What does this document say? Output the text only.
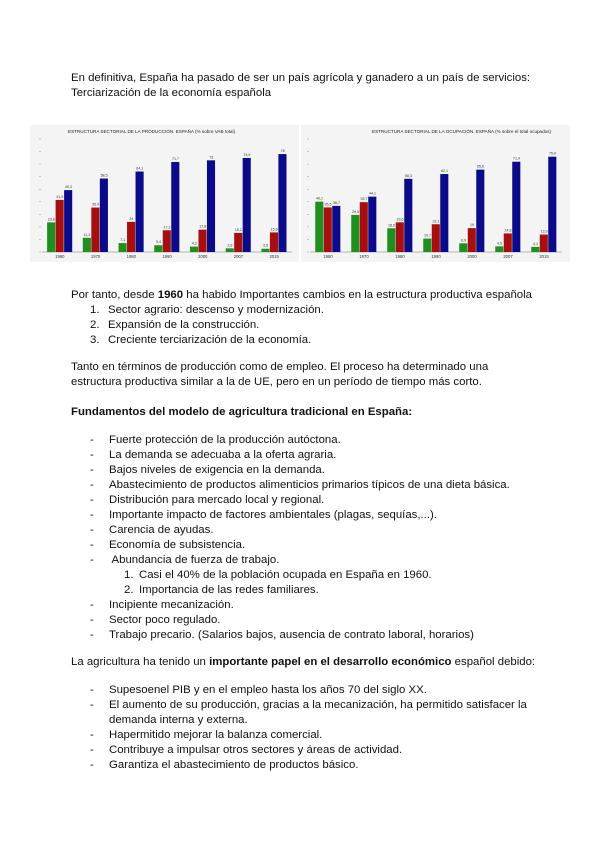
En definitiva, España ha pasado de ser un país agrícola y ganadero a un país de servicios:
Terciarización de la economía española
ESTRUCTURA SECTORIAL DE LA PRODUCCIÓN. ESPAÑA (% sobre VAB total)
23,6
41,5
49,3
1960
11,3
35,4
58,5
1970
7,1
24
64,1
1980
5,4
17,3
71,7
1990
4,3
17,8
73
2000
2,9
15,2
74,9
2007
2,6
15,6
78
2015
ESTRUCTURA SECTORIAL DE LA OCUPACIÓN. ESPAÑA (% sobre el total ocupados)
40,1
35,5 36,7
1960
29,5
39,7
44,1
1970
18,9
23,6
58,3
1980
10,7
22,1
62,1
1990
6,9
19
65,6
2000
4,5
14,8
71,9
2007
4,1
13,9
75,9
2015
Por tanto, desde 1960 ha habido Importantes cambios en la estructura productiva española
1. Sector agrario: descenso y modernización.
2. Expansión de la construcción.
3. Creciente terciarización de la economía.
Tanto en términos de producción como de empleo. El proceso ha determinado una
estructura productiva similar a la de UE, pero en un período de tiempo más corto.
Fundamentos del modelo de agricultura tradicional en España:
- Fuerte protección de la producción autóctona.
- La demanda se adecuaba a la oferta agraria.
- Bajos niveles de exigencia en la demanda.
- Abastecimiento de productos alimenticios primarios típicos de una dieta básica.
- Distribución para mercado local y regional.
- Importante impacto de factores ambientales (plagas, sequías,...).
- Carencia de ayudas.
- Economía de subsistencia.
- Abundancia de fuerza de trabajo.
1. Casi el 40% de la población ocupada en España en 1960.
2. Importancia de las redes familiares.
- Incipiente mecanización.
- Sector poco regulado.
- Trabajo precario. (Salarios bajos, ausencia de contrato laboral, horarios)
La agricultura ha tenido un importante papel en el desarrollo económico español debido:
- Supesoenel PIB y en el empleo hasta los años 70 del siglo XX.
- El aumento de su producción, gracias a la mecanización, ha permitido satisfacer la
demanda interna y externa.
- Hapermitido mejorar la balanza comercial.
- Contribuye a impulsar otros sectores y áreas de actividad.
- Garantiza el abastecimiento de productos básico.
